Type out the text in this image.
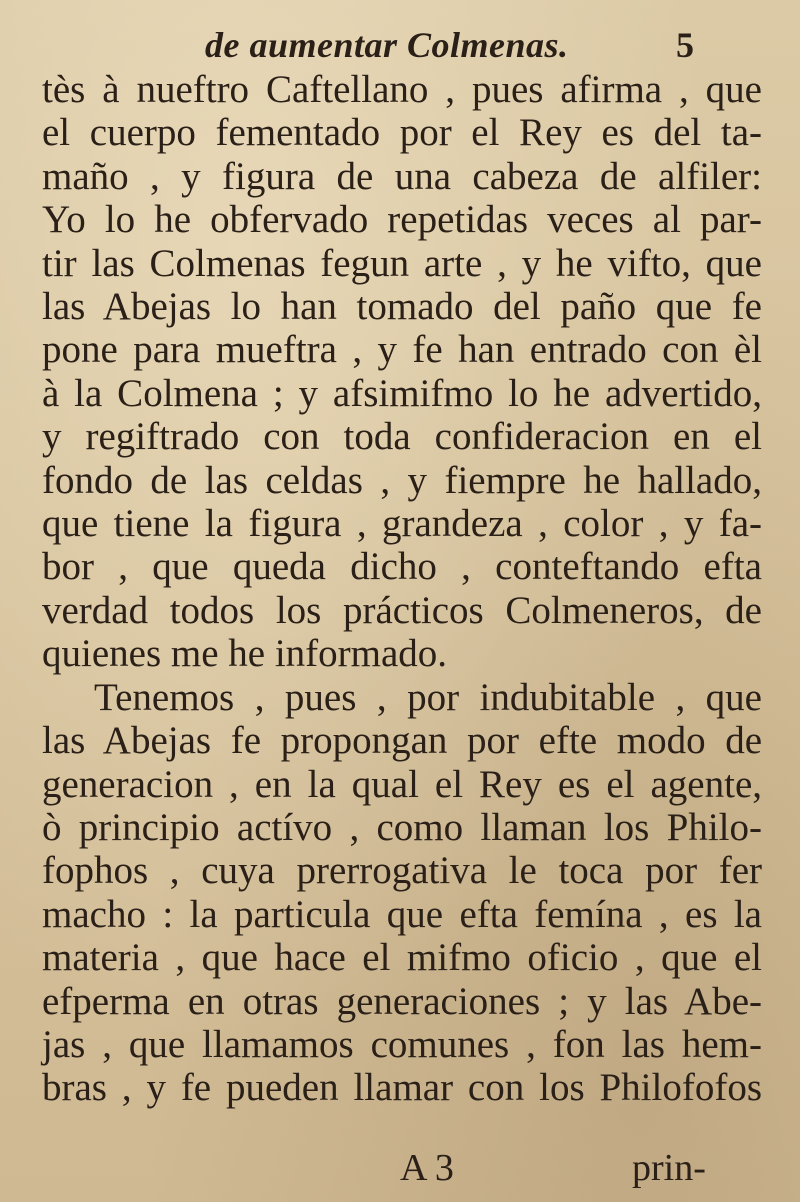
de aumentar Colmenas.	5
tès à nueftro Caftellano , pues afirma , que
el cuerpo fementado por el Rey es del ta-
maño , y figura de una cabeza de alfiler:
Yo lo he obfervado repetidas veces al par-
tir las Colmenas fegun arte , y he vifto, que
las Abejas lo han tomado del paño que fe
pone para mueftra , y fe han entrado con èl
à la Colmena ; y afsimifmo lo he advertido,
y regiftrado con toda confideracion en el
fondo de las celdas , y fiempre he hallado,
que tiene la figura , grandeza , color , y fa-
bor , que queda dicho , conteftando efta
verdad todos los prácticos Colmeneros, de
quienes me he informado.
Tenemos , pues , por indubitable , que
las Abejas fe propongan por efte modo de
generacion , en la qual el Rey es el agente,
ò principio actívo , como llaman los Philo-
fophos , cuya prerrogativa le toca por fer
macho : la particula que efta femína , es la
materia , que hace el mifmo oficio , que el
efperma en otras generaciones ; y las Abe-
jas , que llamamos comunes , fon las hem-
bras , y fe pueden llamar con los Philofofos
A 3	prin-
